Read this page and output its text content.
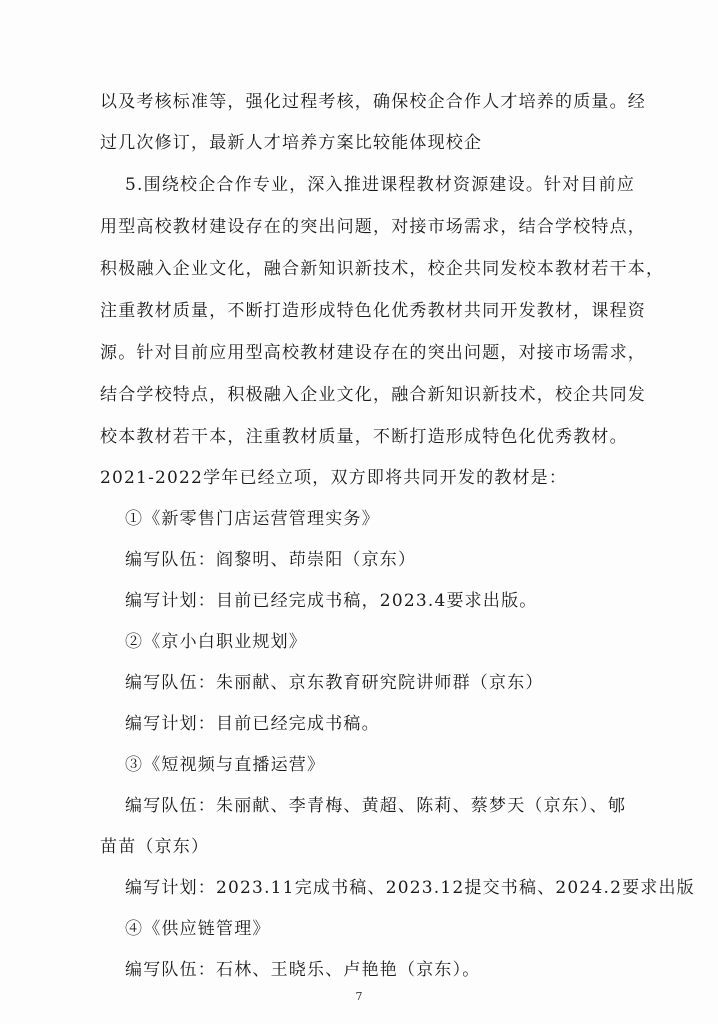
以及考核标准等，强化过程考核，确保校企合作人才培养的质量。经
过几次修订，最新人才培养方案比较能体现校企
5.围绕校企合作专业，深入推进课程教材资源建设。针对目前应
用型高校教材建设存在的突出问题，对接市场需求，结合学校特点，
积极融入企业文化，融合新知识新技术，校企共同发校本教材若干本，
注重教材质量，不断打造形成特色化优秀教材共同开发教材，课程资
源。针对目前应用型高校教材建设存在的突出问题，对接市场需求，
结合学校特点，积极融入企业文化，融合新知识新技术，校企共同发
校本教材若干本，注重教材质量，不断打造形成特色化优秀教材。
2021-2022学年已经立项，双方即将共同开发的教材是：
①《新零售门店运营管理实务》
编写队伍：阎黎明、茚崇阳（京东）
编写计划：目前已经完成书稿，2023.4要求出版。
②《京小白职业规划》
编写队伍：朱丽献、京东教育研究院讲师群（京东）
编写计划：目前已经完成书稿。
③《短视频与直播运营》
编写队伍：朱丽献、李青梅、黄超、陈莉、蔡梦天（京东）、郇
苗苗（京东）
编写计划：2023.11完成书稿、2023.12提交书稿、2024.2要求出版
④《供应链管理》
编写队伍：石林、王晓乐、卢艳艳（京东）。
7
